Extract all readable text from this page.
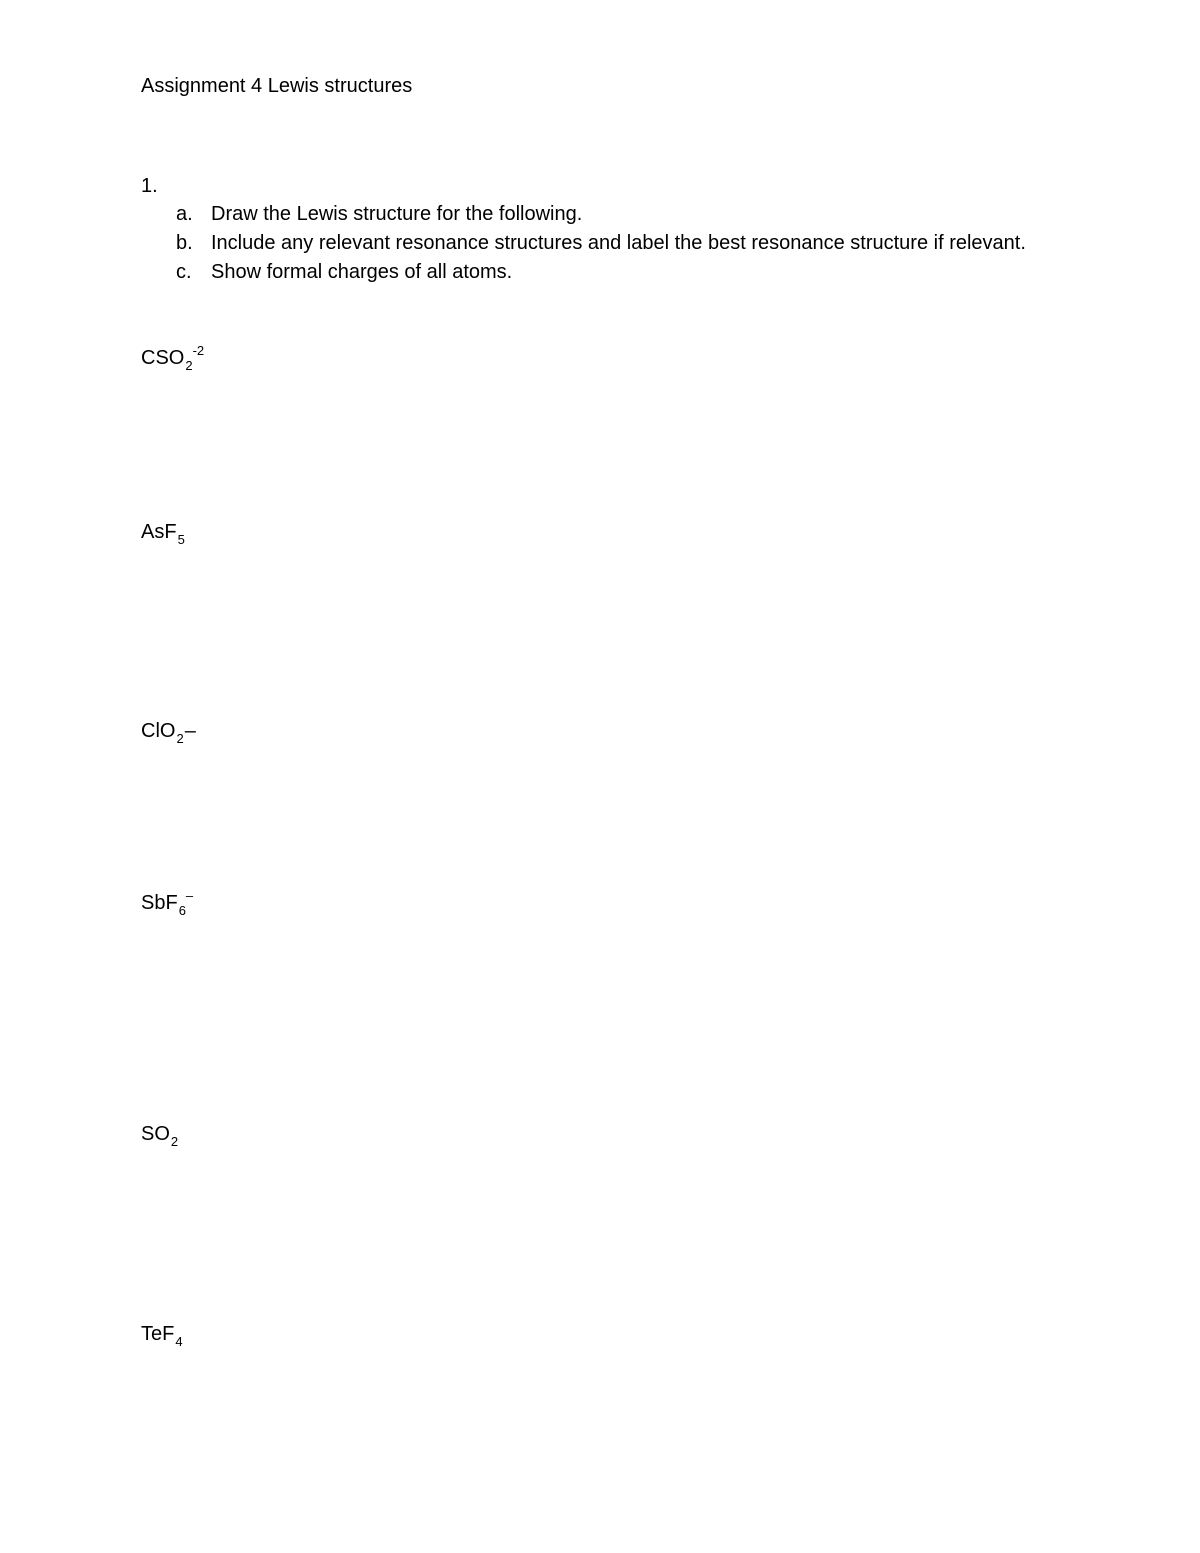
Assignment 4 Lewis structures
1.
a. Draw the Lewis structure for the following.
b. Include any relevant resonance structures and label the best resonance structure if relevant.
c. Show formal charges of all atoms.
$CSO_2^{-2}$
AsF$_5$
ClO$_2$–
SbF$_6$–
$SO_2$
TeF$_4$
